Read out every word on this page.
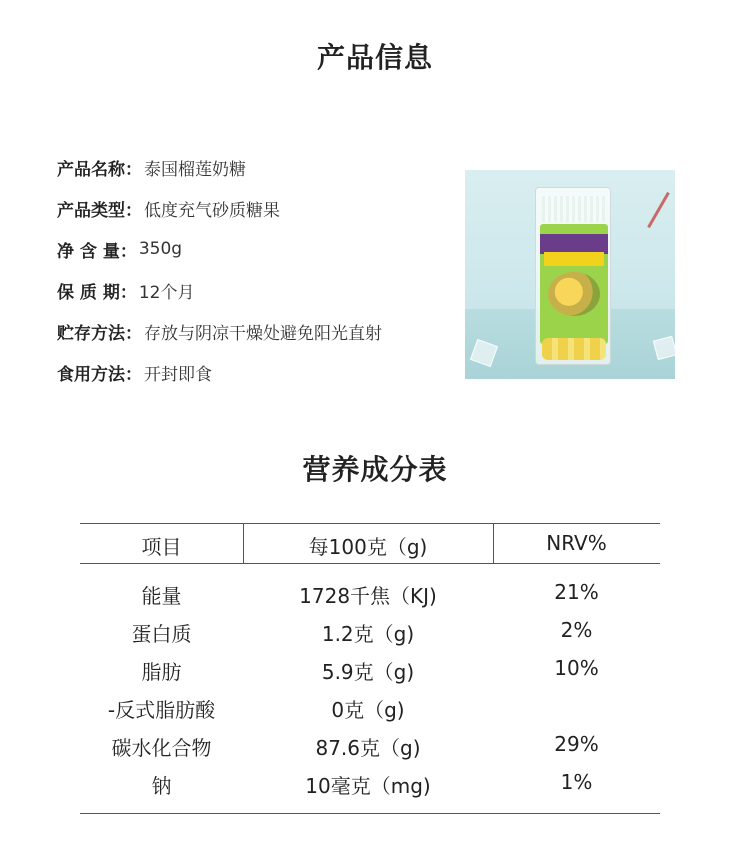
产品信息
产品名称： 泰国榴莲奶糖
产品类型： 低度充气砂质糖果
净 含 量： 350g
保 质 期： 12个月
贮存方法： 存放与阴凉干燥处避免阳光直射
食用方法： 开封即食
营养成分表
项目	每100克（g)	NRV%
能量	1728千焦（KJ)	21%
蛋白质	1.2克（g)	2%
脂肪	5.9克（g)	10%
-反式脂肪酸	0克（g)
碳水化合物	87.6克（g)	29%
钠	10毫克（mg)	1%
